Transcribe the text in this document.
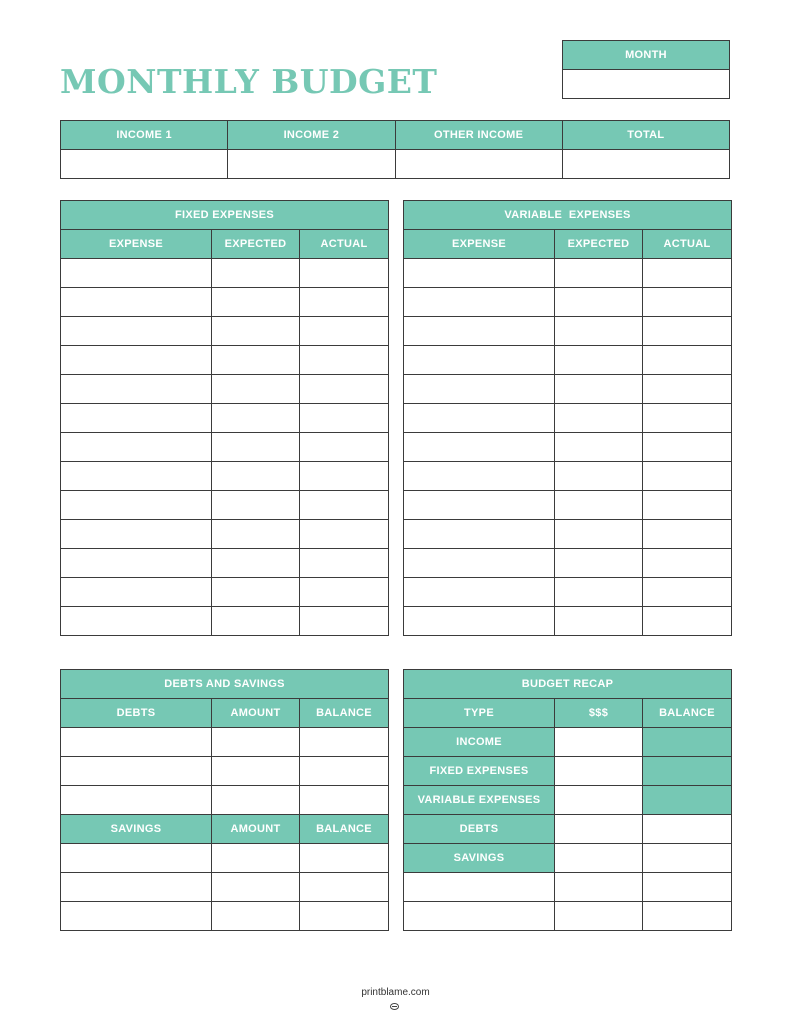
MONTHLY BUDGET
MONTH

INCOME 1	INCOME 2	OTHER INCOME	TOTAL

FIXED EXPENSES		
EXPENSE	EXPECTED	ACTUAL

VARIABLE  EXPENSES		
EXPENSE	EXPECTED	ACTUAL

DEBTS AND SAVINGS		
DEBTS	AMOUNT	BALANCE

SAVINGS	AMOUNT	BALANCE

BUDGET RECAP		
TYPE	$$$	BALANCE
INCOME		
FIXED EXPENSES		
VARIABLE EXPENSES		
DEBTS		
SAVINGS		

printblame.com
